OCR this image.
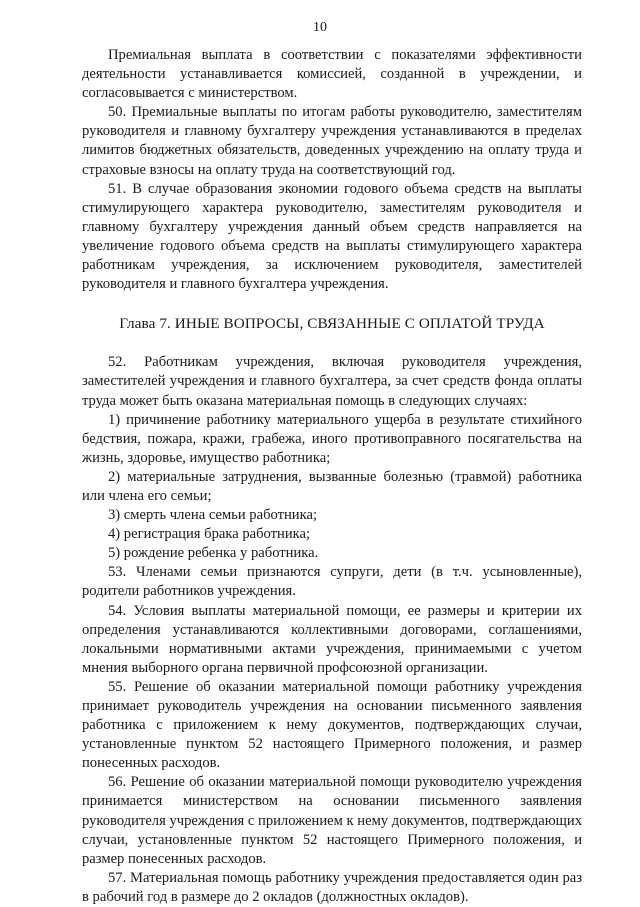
10

Премиальная выплата в соответствии с показателями эффективности деятельности устанавливается комиссией, созданной в учреждении, и согласовывается с министерством.

50. Премиальные выплаты по итогам работы руководителю, заместителям руководителя и главному бухгалтеру учреждения устанавливаются в пределах лимитов бюджетных обязательств, доведенных учреждению на оплату труда и страховые взносы на оплату труда на соответствующий год.

51. В случае образования экономии годового объема средств на выплаты стимулирующего характера руководителю, заместителям руководителя и главному бухгалтеру учреждения данный объем средств направляется на увеличение годового объема средств на выплаты стимулирующего характера работникам учреждения, за исключением руководителя, заместителей руководителя и главного бухгалтера учреждения.

Глава 7. ИНЫЕ ВОПРОСЫ, СВЯЗАННЫЕ С ОПЛАТОЙ ТРУДА

52. Работникам учреждения, включая руководителя учреждения, заместителей учреждения и главного бухгалтера, за счет средств фонда оплаты труда может быть оказана материальная помощь в следующих случаях:

1) причинение работнику материального ущерба в результате стихийного бедствия, пожара, кражи, грабежа, иного противоправного посягательства на жизнь, здоровье, имущество работника;

2) материальные затруднения, вызванные болезнью (травмой) работника или члена его семьи;

3) смерть члена семьи работника;

4) регистрация брака работника;

5) рождение ребенка у работника.

53. Членами семьи признаются супруги, дети (в т.ч. усыновленные), родители работников учреждения.

54. Условия выплаты материальной помощи, ее размеры и критерии их определения устанавливаются коллективными договорами, соглашениями, локальными нормативными актами учреждения, принимаемыми с учетом мнения выборного органа первичной профсоюзной организации.

55. Решение об оказании материальной помощи работнику учреждения принимает руководитель учреждения на основании письменного заявления работника с приложением к нему документов, подтверждающих случаи, установленные пунктом 52 настоящего Примерного положения, и размер понесенных расходов.

56. Решение об оказании материальной помощи руководителю учреждения принимается министерством на основании письменного заявления руководителя учреждения с приложением к нему документов, подтверждающих случаи, установленные пунктом 52 настоящего Примерного положения, и размер понесенных расходов.

57. Материальная помощь работнику учреждения предоставляется один раз в рабочий год в размере до 2 окладов (должностных окладов).
